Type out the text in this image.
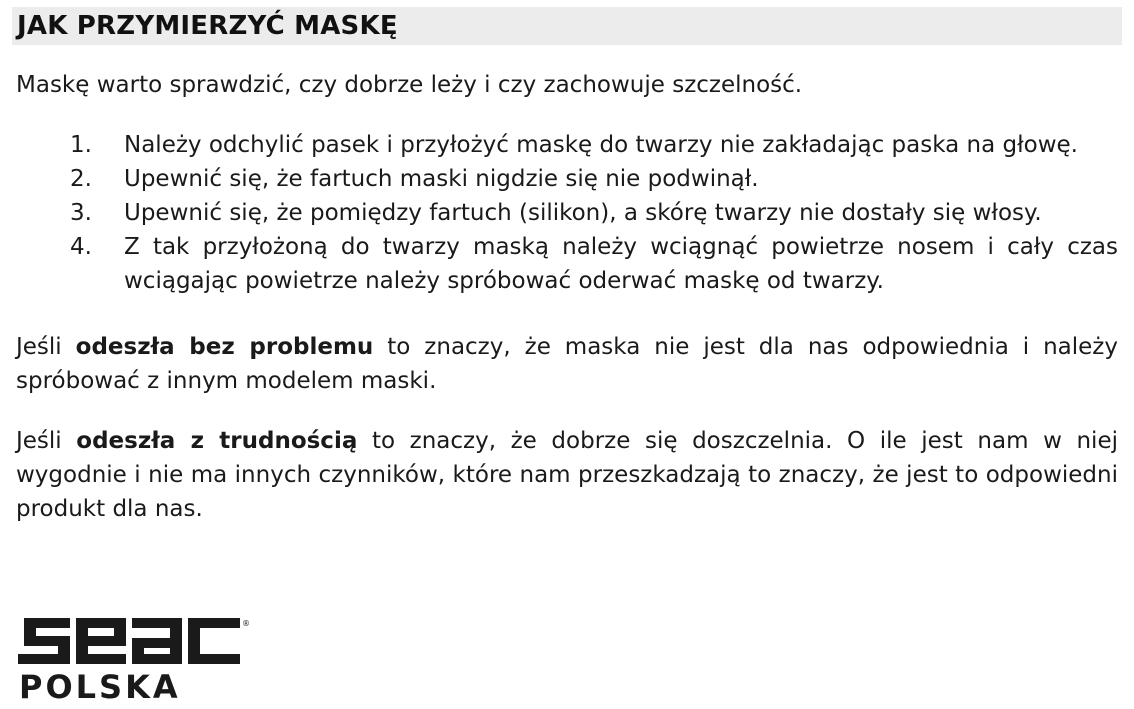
JAK PRZYMIERZYĆ MASKĘ
Maskę warto sprawdzić, czy dobrze leży i czy zachowuje szczelność.
1.	Należy odchylić pasek i przyłożyć maskę do twarzy nie zakładając paska na głowę.
2.	Upewnić się, że fartuch maski nigdzie się nie podwinął.
3.	Upewnić się, że pomiędzy fartuch (silikon), a skórę twarzy nie dostały się włosy.
4.	Z tak przyłożoną do twarzy maską należy wciągnąć powietrze nosem i cały czas wciągając powietrze należy spróbować oderwać maskę od twarzy.

Jeśli odeszła bez problemu to znaczy, że maska nie jest dla nas odpowiednia i należy spróbować z innym modelem maski.

Jeśli odeszła z trudnością to znaczy, że dobrze się doszczelnia. O ile jest nam w niej wygodnie i nie ma innych czynników, które nam przeszkadzają to znaczy, że jest to odpowiedni produkt dla nas.

®
POLSKA
